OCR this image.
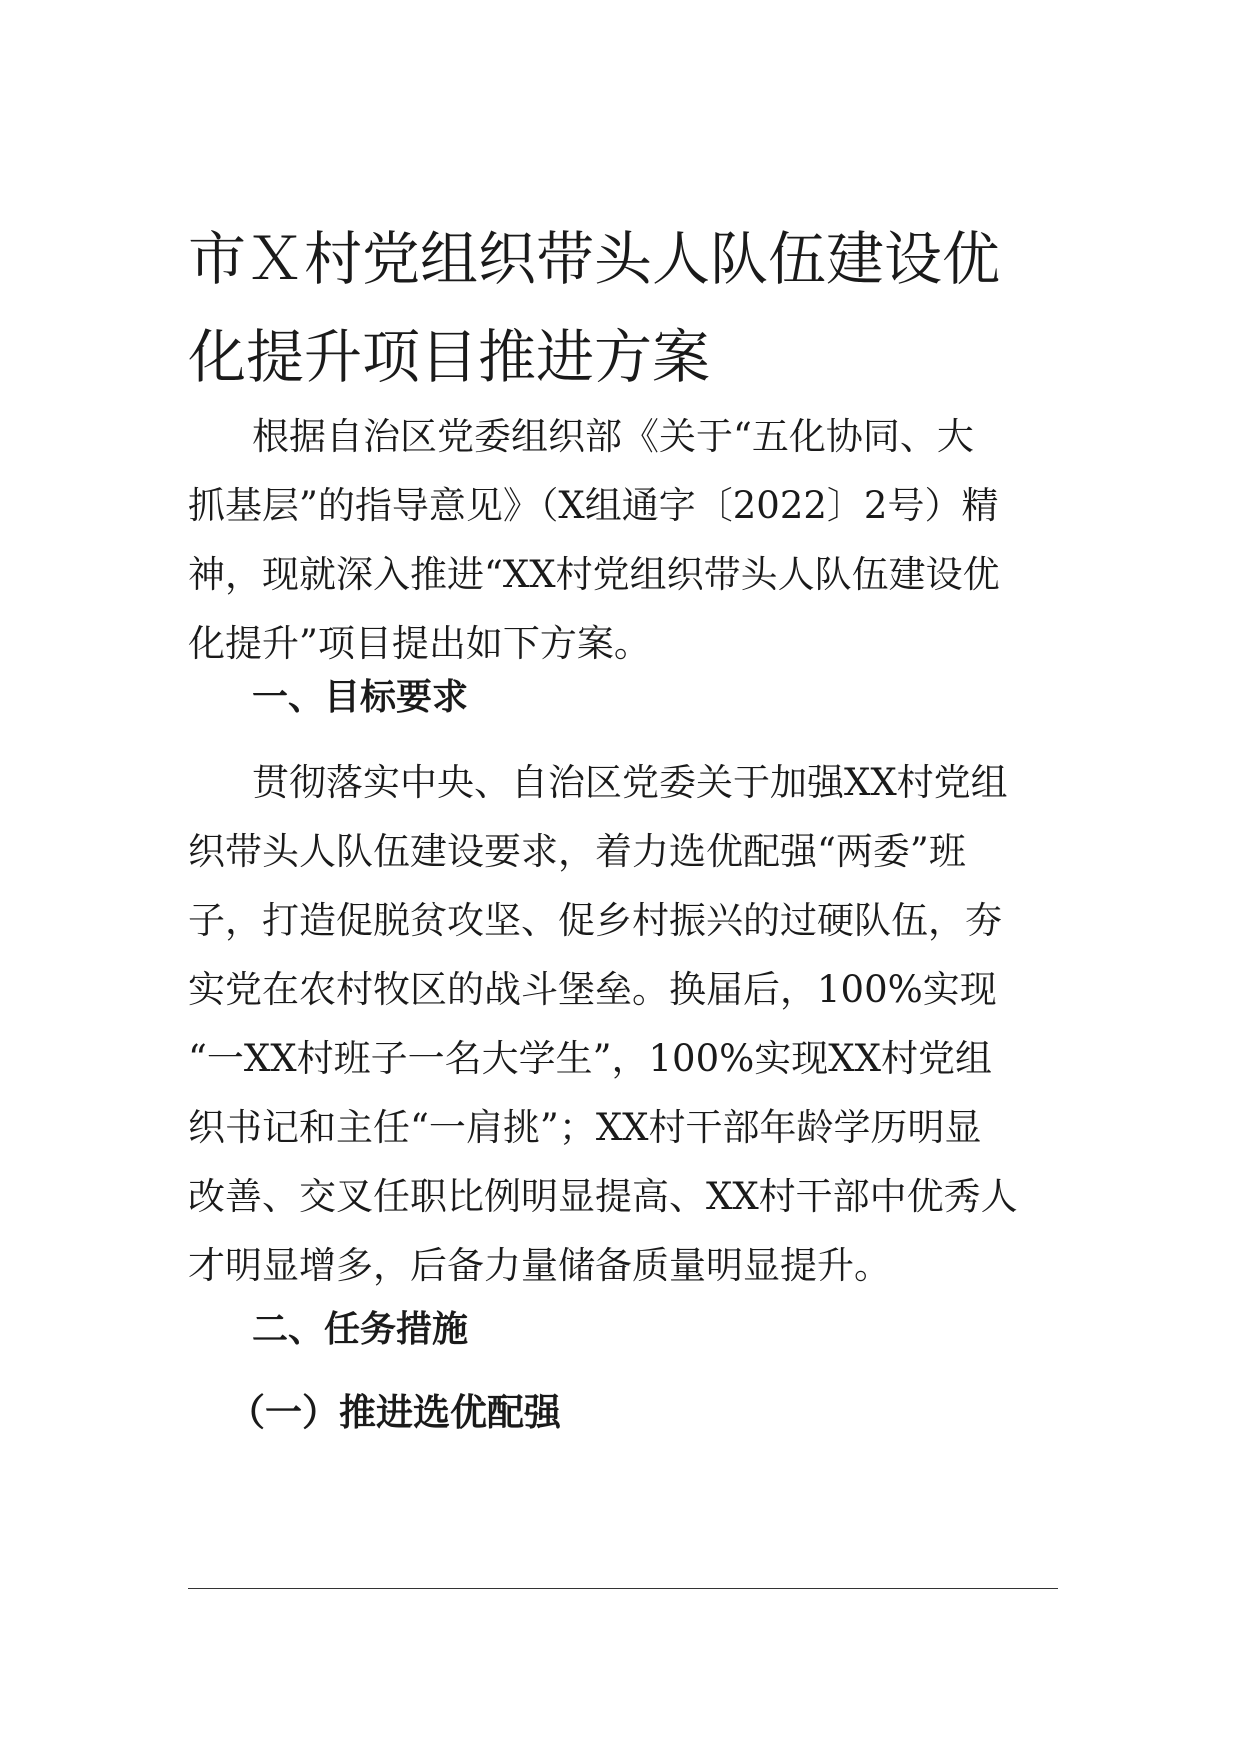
市Ｘ村党组织带头人队伍建设优
化提升项目推进方案

根据自治区党委组织部《关于“五化协同、大
抓基层”的指导意见》（X组通字〔2022〕2号）精
神，现就深入推进“XX村党组织带头人队伍建设优
化提升”项目提出如下方案。

一、目标要求

贯彻落实中央、自治区党委关于加强XX村党组
织带头人队伍建设要求，着力选优配强“两委”班
子，打造促脱贫攻坚、促乡村振兴的过硬队伍，夯
实党在农村牧区的战斗堡垒。换届后，100%实现
“一XX村班子一名大学生”，100%实现XX村党组
织书记和主任“一肩挑”；XX村干部年龄学历明显
改善、交叉任职比例明显提高、XX村干部中优秀人
才明显增多，后备力量储备质量明显提升。

二、任务措施
（一）推进选优配强
